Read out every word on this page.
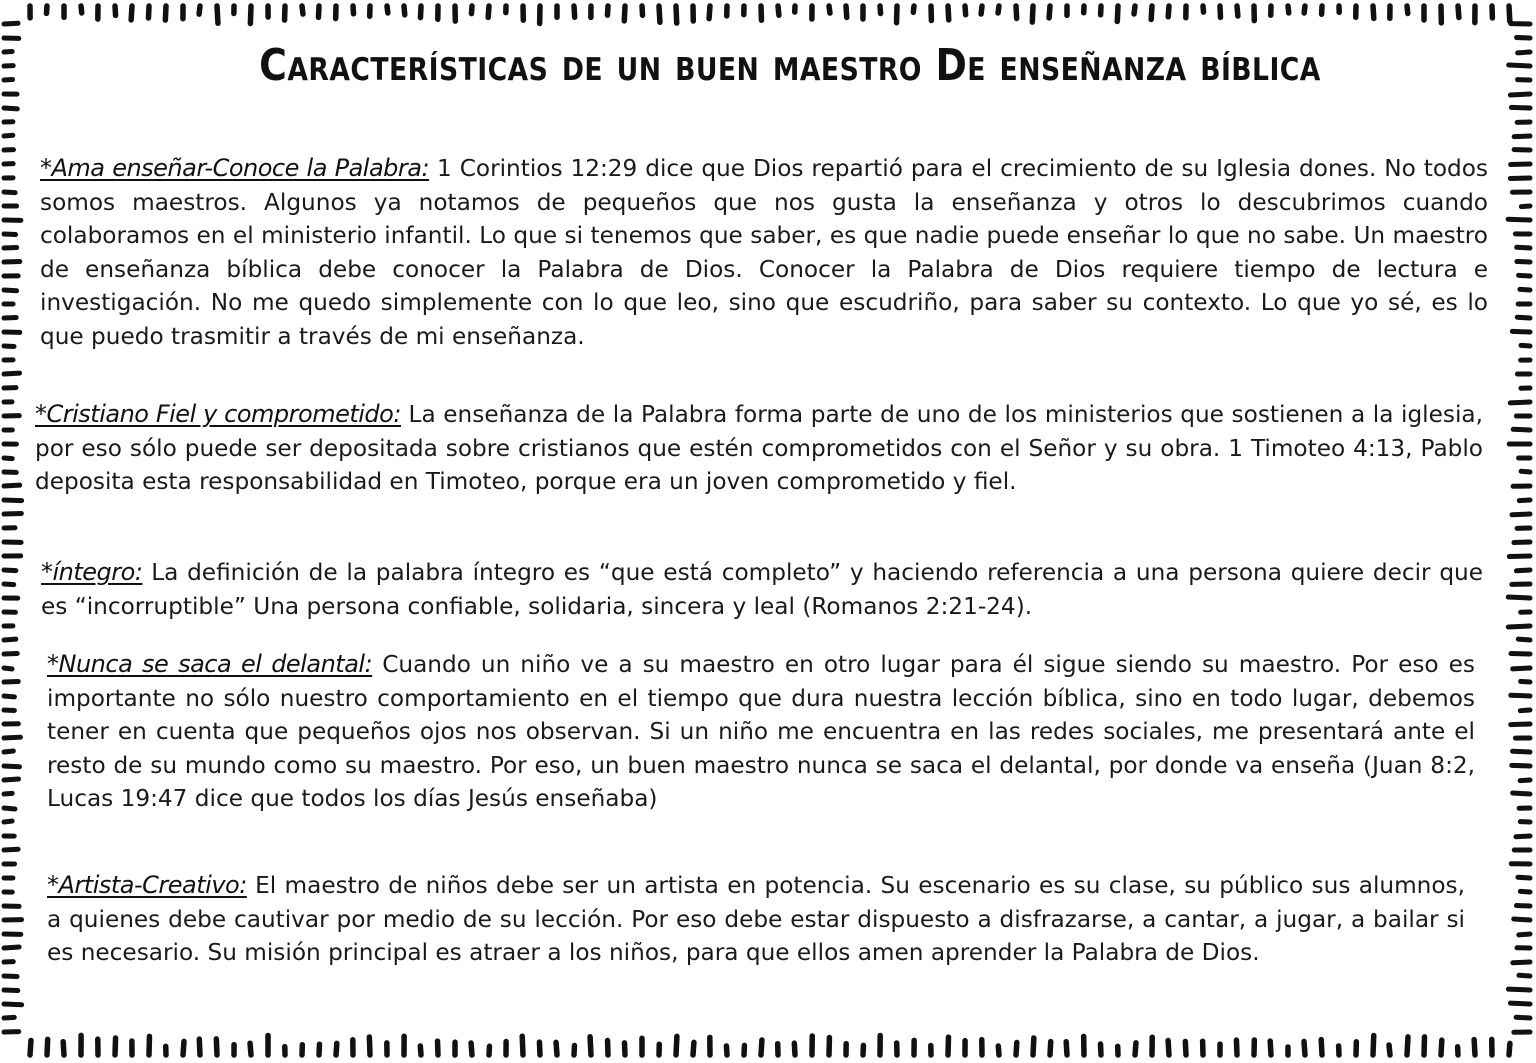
Características de un buen maestro De enseñanza bíblica

*Ama enseñar-Conoce la Palabra: 1 Corintios 12:29 dice que Dios repartió para el crecimiento de su Iglesia dones. No todos somos maestros. Algunos ya notamos de pequeños que nos gusta la enseñanza y otros lo descubrimos cuando colaboramos en el ministerio infantil. Lo que si tenemos que saber, es que nadie puede enseñar lo que no sabe. Un maestro de enseñanza bíblica debe conocer la Palabra de Dios. Conocer la Palabra de Dios requiere tiempo de lectura e investigación. No me quedo simplemente con lo que leo, sino que escudriño, para saber su contexto. Lo que yo sé, es lo que puedo trasmitir a través de mi enseñanza.

*Cristiano Fiel y comprometido: La enseñanza de la Palabra forma parte de uno de los ministerios que sostienen a la iglesia, por eso sólo puede ser depositada sobre cristianos que estén comprometidos con el Señor y su obra. 1 Timoteo 4:13, Pablo deposita esta responsabilidad en Timoteo, porque era un joven comprometido y fiel.

*íntegro: La definición de la palabra íntegro es “que está completo” y haciendo referencia a una persona quiere decir que es “incorruptible” Una persona confiable, solidaria, sincera y leal (Romanos 2:21-24).

*Nunca se saca el delantal: Cuando un niño ve a su maestro en otro lugar para él sigue siendo su maestro. Por eso es importante no sólo nuestro comportamiento en el tiempo que dura nuestra lección bíblica, sino en todo lugar, debemos tener en cuenta que pequeños ojos nos observan. Si un niño me encuentra en las redes sociales, me presentará ante el resto de su mundo como su maestro. Por eso, un buen maestro nunca se saca el delantal, por donde va enseña (Juan 8:2, Lucas 19:47 dice que todos los días Jesús enseñaba)

*Artista-Creativo: El maestro de niños debe ser un artista en potencia. Su escenario es su clase, su público sus alumnos, a quienes debe cautivar por medio de su lección. Por eso debe estar dispuesto a disfrazarse, a cantar, a jugar, a bailar si es necesario. Su misión principal es atraer a los niños, para que ellos amen aprender la Palabra de Dios.
